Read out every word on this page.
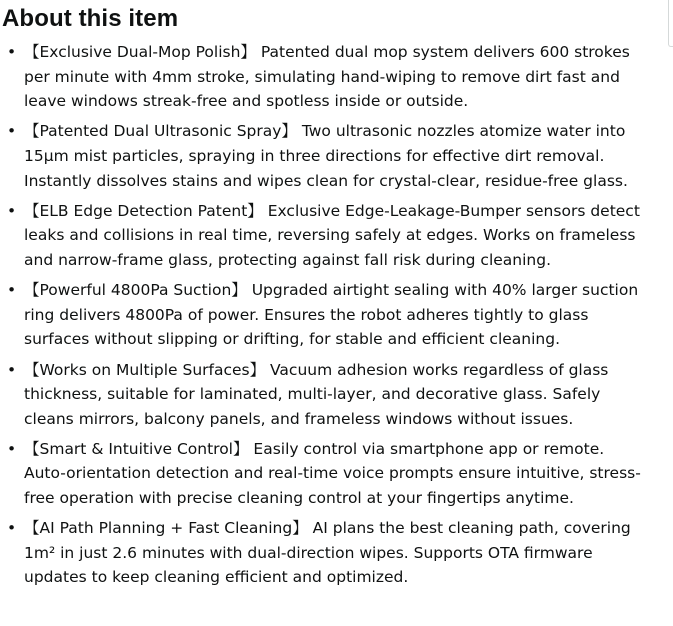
About this item
• 【Exclusive Dual-Mop Polish】 Patented dual mop system delivers 600 strokes per minute with 4mm stroke, simulating hand-wiping to remove dirt fast and leave windows streak-free and spotless inside or outside.
• 【Patented Dual Ultrasonic Spray】 Two ultrasonic nozzles atomize water into 15μm mist particles, spraying in three directions for effective dirt removal. Instantly dissolves stains and wipes clean for crystal-clear, residue-free glass.
• 【ELB Edge Detection Patent】 Exclusive Edge-Leakage-Bumper sensors detect leaks and collisions in real time, reversing safely at edges. Works on frameless and narrow-frame glass, protecting against fall risk during cleaning.
• 【Powerful 4800Pa Suction】 Upgraded airtight sealing with 40% larger suction ring delivers 4800Pa of power. Ensures the robot adheres tightly to glass surfaces without slipping or drifting, for stable and efficient cleaning.
• 【Works on Multiple Surfaces】 Vacuum adhesion works regardless of glass thickness, suitable for laminated, multi-layer, and decorative glass. Safely cleans mirrors, balcony panels, and frameless windows without issues.
• 【Smart & Intuitive Control】 Easily control via smartphone app or remote. Auto-orientation detection and real-time voice prompts ensure intuitive, stress-free operation with precise cleaning control at your fingertips anytime.
• 【AI Path Planning + Fast Cleaning】 AI plans the best cleaning path, covering 1m² in just 2.6 minutes with dual-direction wipes. Supports OTA firmware updates to keep cleaning efficient and optimized.
